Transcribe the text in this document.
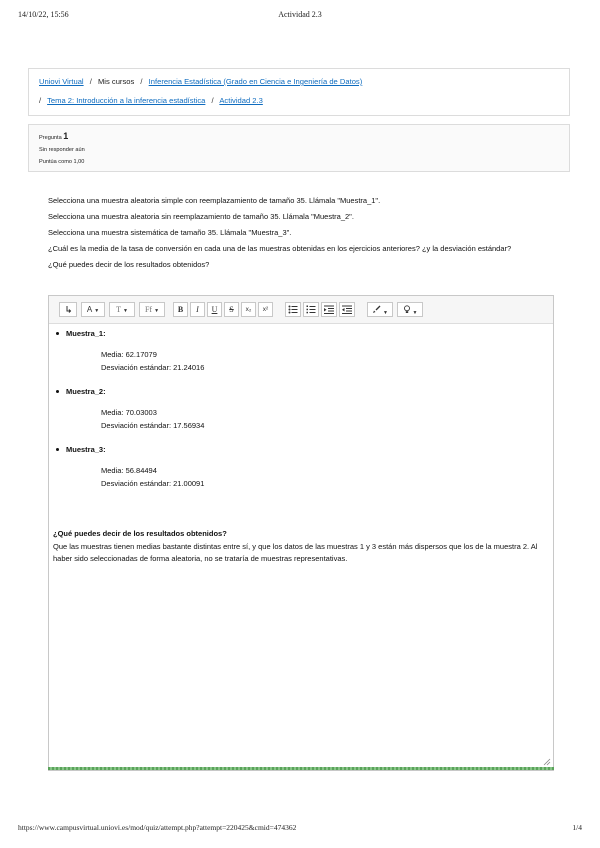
14/10/22, 15:56	Actividad 2.3
Uniovi Virtual / Mis cursos / Inferencia Estadística (Grado en Ciencia e Ingeniería de Datos)
/ Tema 2: Introducción a la inferencia estadística / Actividad 2.3
Pregunta 1
Sin responder aún
Puntúa como 1,00

Selecciona una muestra aleatoria simple con reemplazamiento de tamaño 35. Llámala "Muestra_1".

Selecciona una muestra aleatoria sin reemplazamiento de tamaño 35. Llámala "Muestra_2".

Selecciona una muestra sistemática de tamaño 35. Llámala "Muestra_3".

¿Cuál es la media de la tasa de conversión en cada una de las muestras obtenidas en los ejercicios anteriores? ¿y la desviación estándar?

¿Qué puedes decir de los resultados obtenidos?

A ▼	T ▼	Ff ▼	B	I	U	S	x₂	x²	▼	▼
Muestra_1:
Media: 62.17079
Desviación estándar: 21.24016
Muestra_2:
Media: 70.03003
Desviación estándar: 17.56934
Muestra_3:
Media: 56.84494
Desviación estándar: 21.00091
¿Qué puedes decir de los resultados obtenidos?
Que las muestras tienen medias bastante distintas entre sí, y que los datos de las muestras 1 y 3 están más dispersos que los de la muestra 2. Al haber sido seleccionadas de forma aleatoria, no se trataría de muestras representativas.
https://www.campusvirtual.uniovi.es/mod/quiz/attempt.php?attempt=220425&cmid=474362	1/4
